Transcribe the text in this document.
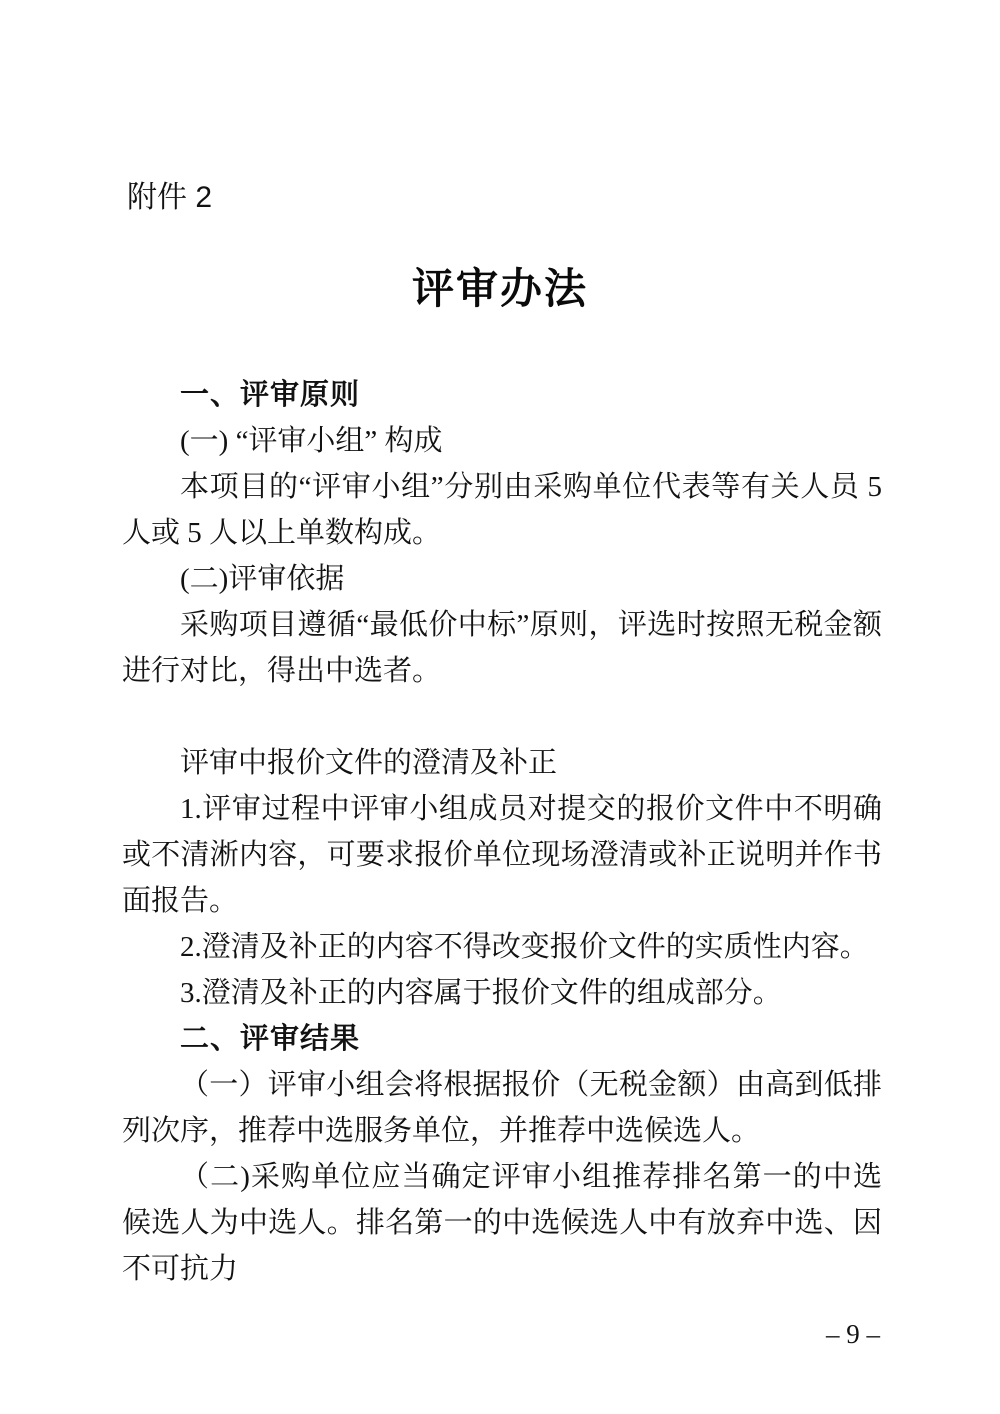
附件 2
评审办法
一、评审原则
(一) “评审小组” 构成
本项目的“评审小组”分别由采购单位代表等有关人员 5 人或 5 人以上单数构成。
(二)评审依据
采购项目遵循“最低价中标”原则，评选时按照无税金额进行对比，得出中选者。
评审中报价文件的澄清及补正
1.评审过程中评审小组成员对提交的报价文件中不明确或不清淅内容，可要求报价单位现场澄清或补正说明并作书面报告。
2.澄清及补正的内容不得改变报价文件的实质性内容。
3.澄清及补正的内容属于报价文件的组成部分。
二、评审结果
（一）评审小组会将根据报价（无税金额）由高到低排列次序，推荐中选服务单位，并推荐中选候选人。
（二)采购单位应当确定评审小组推荐排名第一的中选候选人为中选人。排名第一的中选候选人中有放弃中选、因不可抗力
– 9 –
